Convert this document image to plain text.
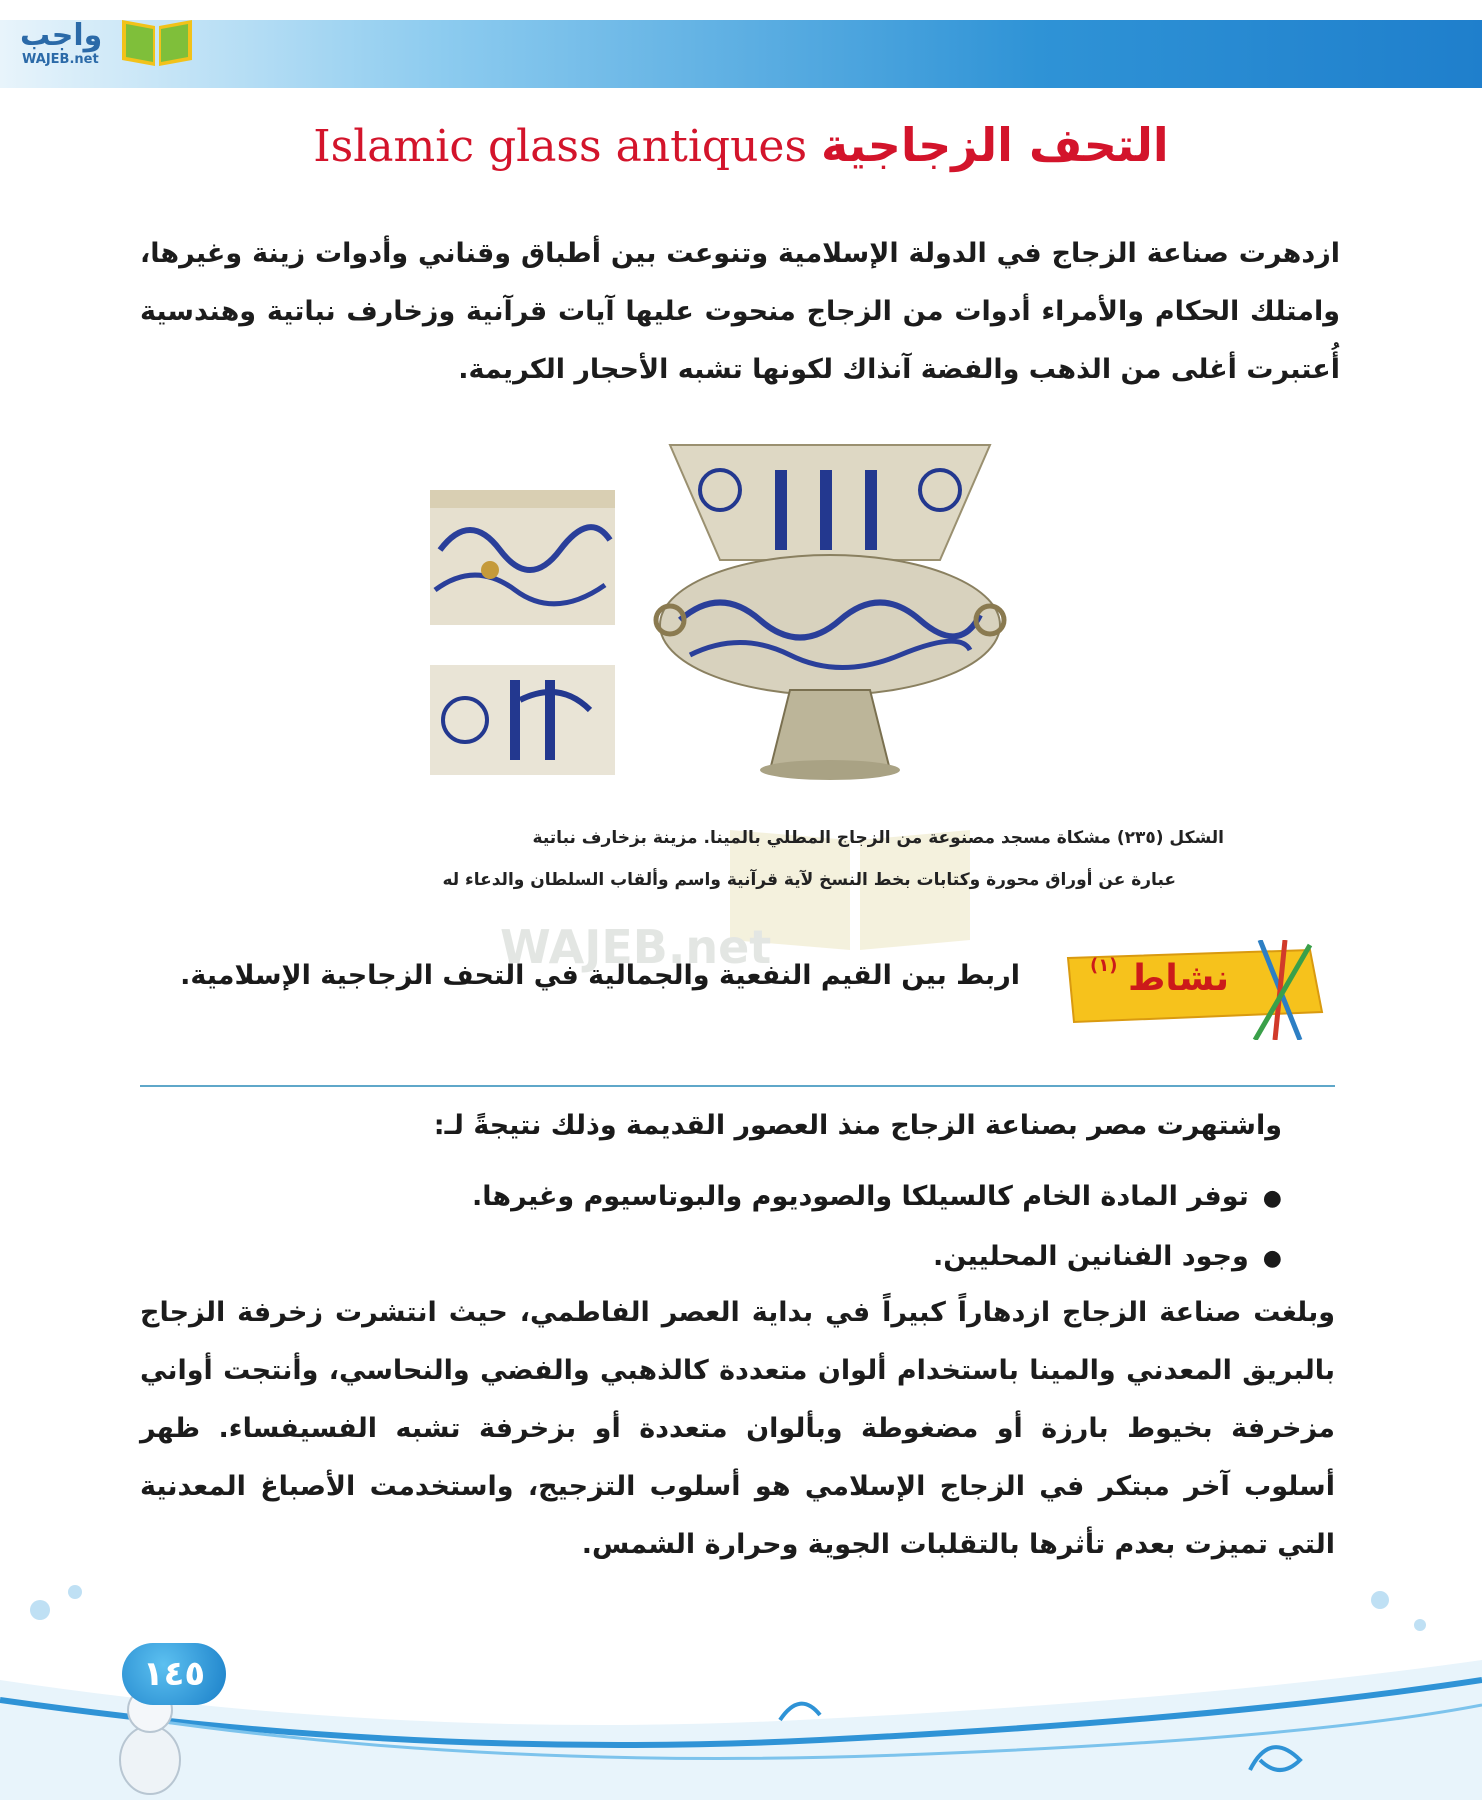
واجب
WAJEB.net
Islamic glass antiques التحف الزجاجية
ازدهرت صناعة الزجاج في الدولة الإسلامية وتنوعت بين أطباق وقناني وأدوات زينة وغيرها، وامتلك الحكام والأمراء أدوات من الزجاج منحوت عليها آيات قرآنية وزخارف نباتية وهندسية أُعتبرت أغلى من الذهب والفضة آنذاك لكونها تشبه الأحجار الكريمة.
WAJEB.net
الشكل (٢٣٥) مشكاة مسجد مصنوعة من الزجاج المطلي بالمينا. مزينة بزخارف نباتية
عبارة عن أوراق محورة وكتابات بخط النسخ لآية قرآنية واسم وألقاب السلطان والدعاء له
نشاط
(١)
اربط بين القيم النفعية والجمالية في التحف الزجاجية الإسلامية.
واشتهرت مصر بصناعة الزجاج منذ العصور القديمة وذلك نتيجةً لـ:
● توفر المادة الخام كالسيلكا والصوديوم والبوتاسيوم وغيرها.
● وجود الفنانين المحليين.
وبلغت صناعة الزجاج ازدهاراً كبيراً في بداية العصر الفاطمي، حيث انتشرت زخرفة الزجاج بالبريق المعدني والمينا باستخدام ألوان متعددة كالذهبي والفضي والنحاسي، وأنتجت أواني مزخرفة بخيوط بارزة أو مضغوطة وبألوان متعددة أو بزخرفة تشبه الفسيفساء. ظهر أسلوب آخر مبتكر في الزجاج الإسلامي هو أسلوب التزجيج، واستخدمت الأصباغ المعدنية التي تميزت بعدم تأثرها بالتقلبات الجوية وحرارة الشمس.
١٤٥
